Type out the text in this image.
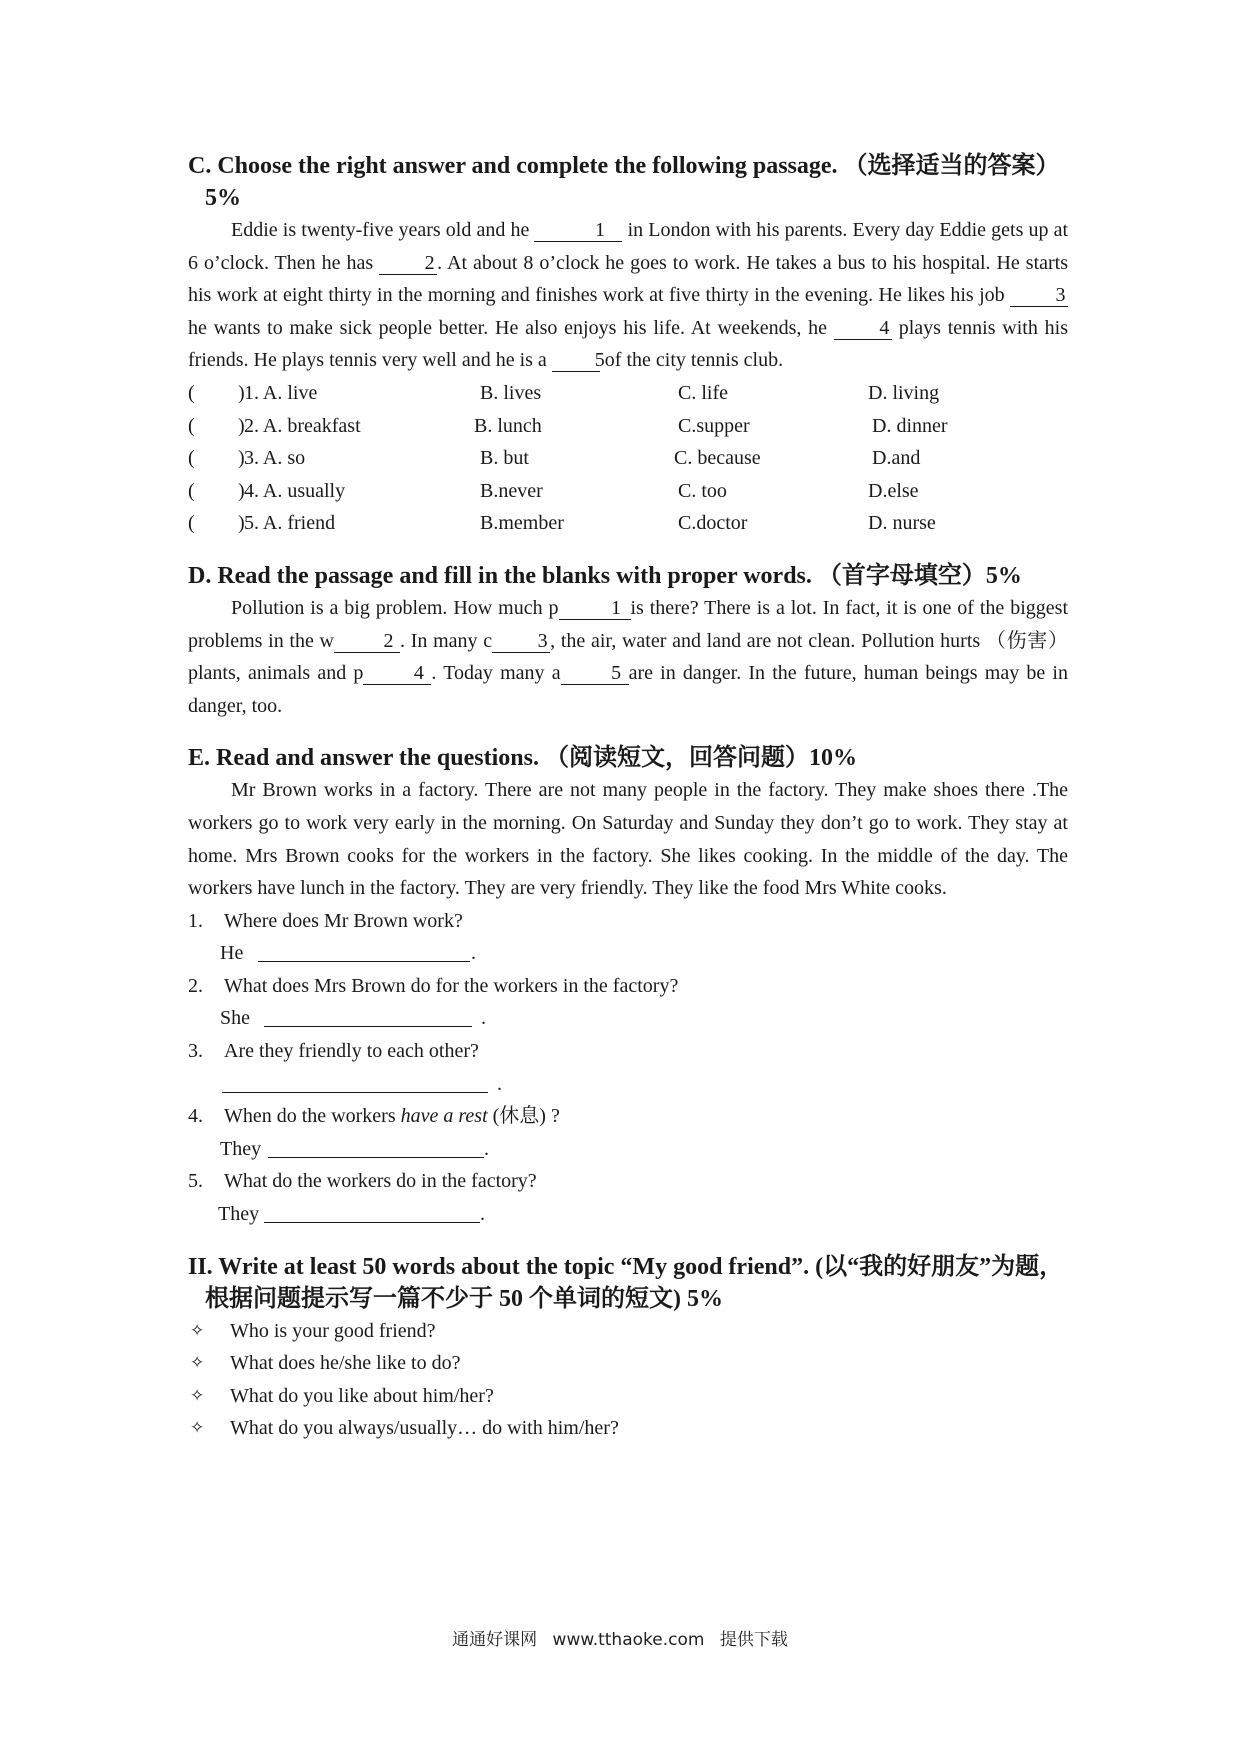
C. Choose the right answer and complete the following passage. （选择适当的答案）5%

Eddie is twenty-five years old and he	1 in London with his parents. Every day Eddie gets up at 6 o’clock. Then he has	2 . At about 8 o’clock he goes to work. He takes a bus to his hospital. He starts his work at eight thirty in the morning and finishes work at five thirty in the evening. He likes his job	3 he wants to make sick people better. He also enjoys his life. At weekends, he	4 plays tennis with his friends. He plays tennis very well and he is a 5 of the city tennis club.

( ) 1. A. live	B. lives	C. life	D. living
( ) 2. A. breakfast	B. lunch	C.supper	D. dinner
( ) 3. A. so	B. but	C. because	D.and
( ) 4. A. usually	B.never	C. too	D.else
( ) 5. A. friend	B.member	C.doctor	D. nurse

D. Read the passage and fill in the blanks with proper words. （首字母填空）5%

Pollution is a big problem. How much p	1 is there? There is a lot. In fact, it is one of the biggest problems in the w 2 . In many c 3 , the air, water and land are not clean. Pollution hurts （伤害） plants, animals and p	4 . Today many a	5 are in danger. In the future, human beings may be in danger, too.

E. Read and answer the questions. （阅读短文，回答问题）10%

Mr Brown works in a factory. There are not many people in the factory. They make shoes there .The workers go to work very early in the morning. On Saturday and Sunday they don’t go to work. They stay at home. Mrs Brown cooks for the workers in the factory. She likes cooking. In the middle of the day. The workers have lunch in the factory. They are very friendly. They like the food Mrs White cooks.

1. Where does Mr Brown work?
He	.
2. What does Mrs Brown do for the workers in the factory?
She	.
3. Are they friendly to each other?
.
4. When do the workers have a rest (休息) ?
They	.
5. What do the workers do in the factory?
They	.

II. Write at least 50 words about the topic “My good friend”. (以“我的好朋友”为题，根据问题提示写一篇不少于 50 个单词的短文) 5%

✧ Who is your good friend?
✧ What does he/she like to do?
✧ What do you like about him/her?
✧ What do you always/usually… do with him/her?
通通好课网 www.tthaoke.com 提供下载
